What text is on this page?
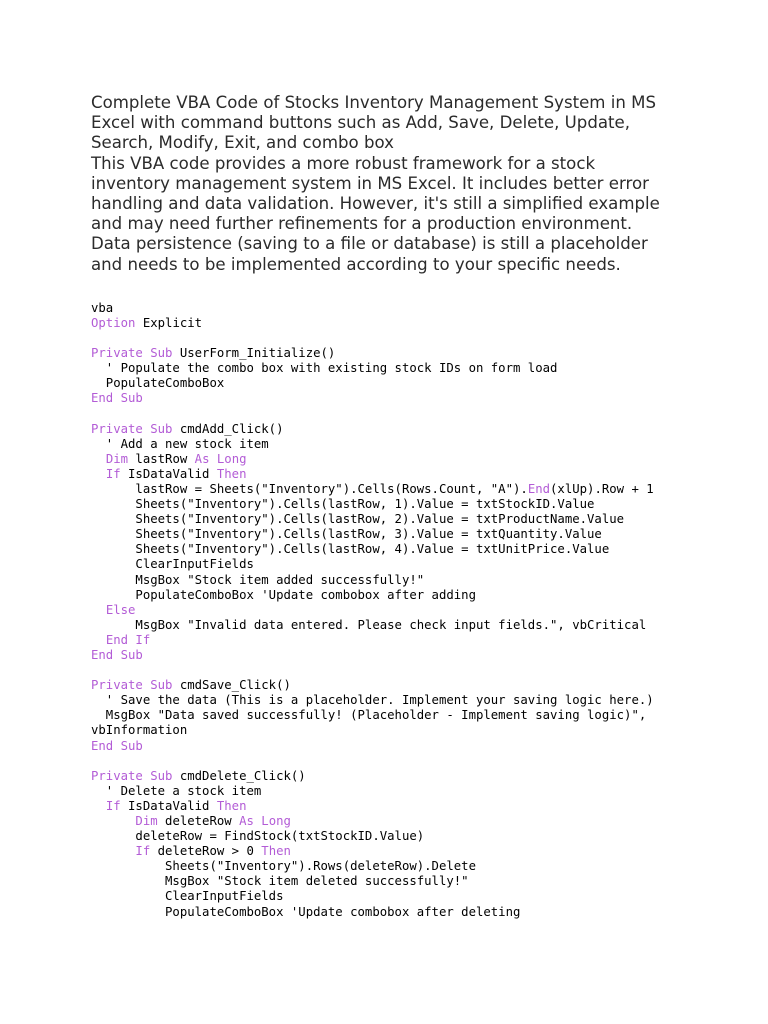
Complete VBA Code of Stocks Inventory Management System in MS

Excel with command buttons such as Add, Save, Delete, Update,

Search, Modify, Exit, and combo box

This VBA code provides a more robust framework for a stock

inventory management system in MS Excel. It includes better error

handling and data validation. However, it's still a simplified example

and may need further refinements for a production environment.

Data persistence (saving to a file or database) is still a placeholder

and needs to be implemented according to your specific needs.

vba
Option Explicit
Private Sub UserForm_Initialize()
' Populate the combo box with existing stock IDs on form load
PopulateComboBox
End Sub
Private Sub cmdAdd_Click()
' Add a new stock item
Dim lastRow As Long
If IsDataValid Then
lastRow = Sheets("Inventory").Cells(Rows.Count, "A").End(xlUp).Row + 1
Sheets("Inventory").Cells(lastRow, 1).Value = txtStockID.Value
Sheets("Inventory").Cells(lastRow, 2).Value = txtProductName.Value
Sheets("Inventory").Cells(lastRow, 3).Value = txtQuantity.Value
Sheets("Inventory").Cells(lastRow, 4).Value = txtUnitPrice.Value
ClearInputFields
MsgBox "Stock item added successfully!"
PopulateComboBox 'Update combobox after adding
Else
MsgBox "Invalid data entered. Please check input fields.", vbCritical
End If
End Sub
Private Sub cmdSave_Click()
' Save the data (This is a placeholder. Implement your saving logic here.)
MsgBox "Data saved successfully! (Placeholder - Implement saving logic)",
vbInformation
End Sub
Private Sub cmdDelete_Click()
' Delete a stock item
If IsDataValid Then
Dim deleteRow As Long
deleteRow = FindStock(txtStockID.Value)
If deleteRow > 0 Then
Sheets("Inventory").Rows(deleteRow).Delete
MsgBox "Stock item deleted successfully!"
ClearInputFields
PopulateComboBox 'Update combobox after deleting
